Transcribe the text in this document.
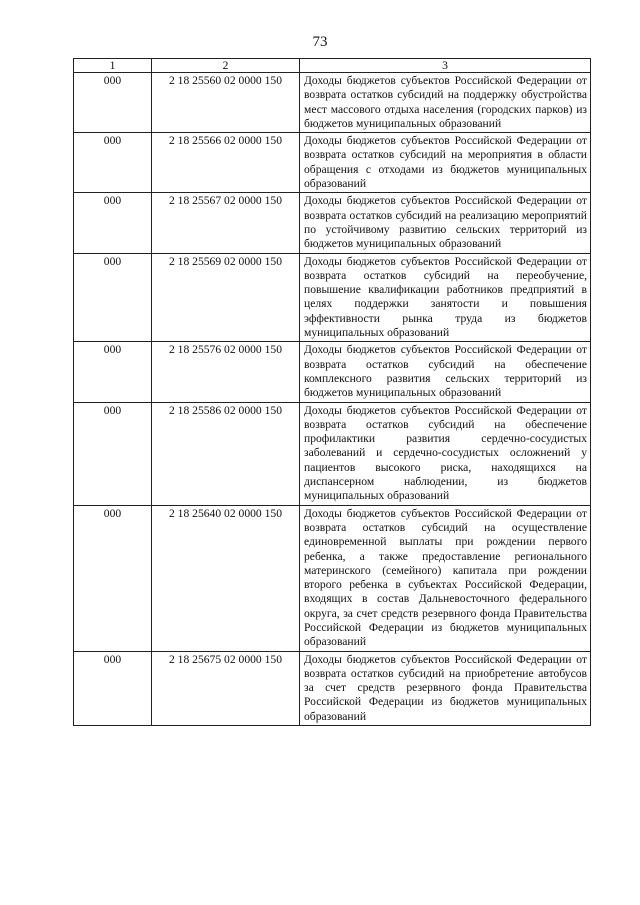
73
1	2	3
000	2 18 25560 02 0000 150	Доходы бюджетов субъектов Российской Федерации от возврата остатков субсидий на поддержку обустройства мест массового отдыха населения (городских парков) из бюджетов муниципальных образований
000	2 18 25566 02 0000 150	Доходы бюджетов субъектов Российской Федерации от возврата остатков субсидий на мероприятия в области обращения с отходами из бюджетов муниципальных образований
000	2 18 25567 02 0000 150	Доходы бюджетов субъектов Российской Федерации от возврата остатков субсидий на реализацию мероприятий по устойчивому развитию сельских территорий из бюджетов муниципальных образований
000	2 18 25569 02 0000 150	Доходы бюджетов субъектов Российской Федерации от возврата остатков субсидий на переобучение, повышение квалификации работников предприятий в целях поддержки занятости и повышения эффективности рынка труда из бюджетов муниципальных образований
000	2 18 25576 02 0000 150	Доходы бюджетов субъектов Российской Федерации от возврата остатков субсидий на обеспечение комплексного развития сельских территорий из бюджетов муниципальных образований
000	2 18 25586 02 0000 150	Доходы бюджетов субъектов Российской Федерации от возврата остатков субсидий на обеспечение профилактики развития сердечно-сосудистых заболеваний и сердечно-сосудистых осложнений у пациентов высокого риска, находящихся на диспансерном наблюдении, из бюджетов муниципальных образований
000	2 18 25640 02 0000 150	Доходы бюджетов субъектов Российской Федерации от возврата остатков субсидий на осуществление единовременной выплаты при рождении первого ребенка, а также предоставление регионального материнского (семейного) капитала при рождении второго ребенка в субъектах Российской Федерации, входящих в состав Дальневосточного федерального округа, за счет средств резервного фонда Правительства Российской Федерации из бюджетов муниципальных образований
000	2 18 25675 02 0000 150	Доходы бюджетов субъектов Российской Федерации от возврата остатков субсидий на приобретение автобусов за счет средств резервного фонда Правительства Российской Федерации из бюджетов муниципальных образований
